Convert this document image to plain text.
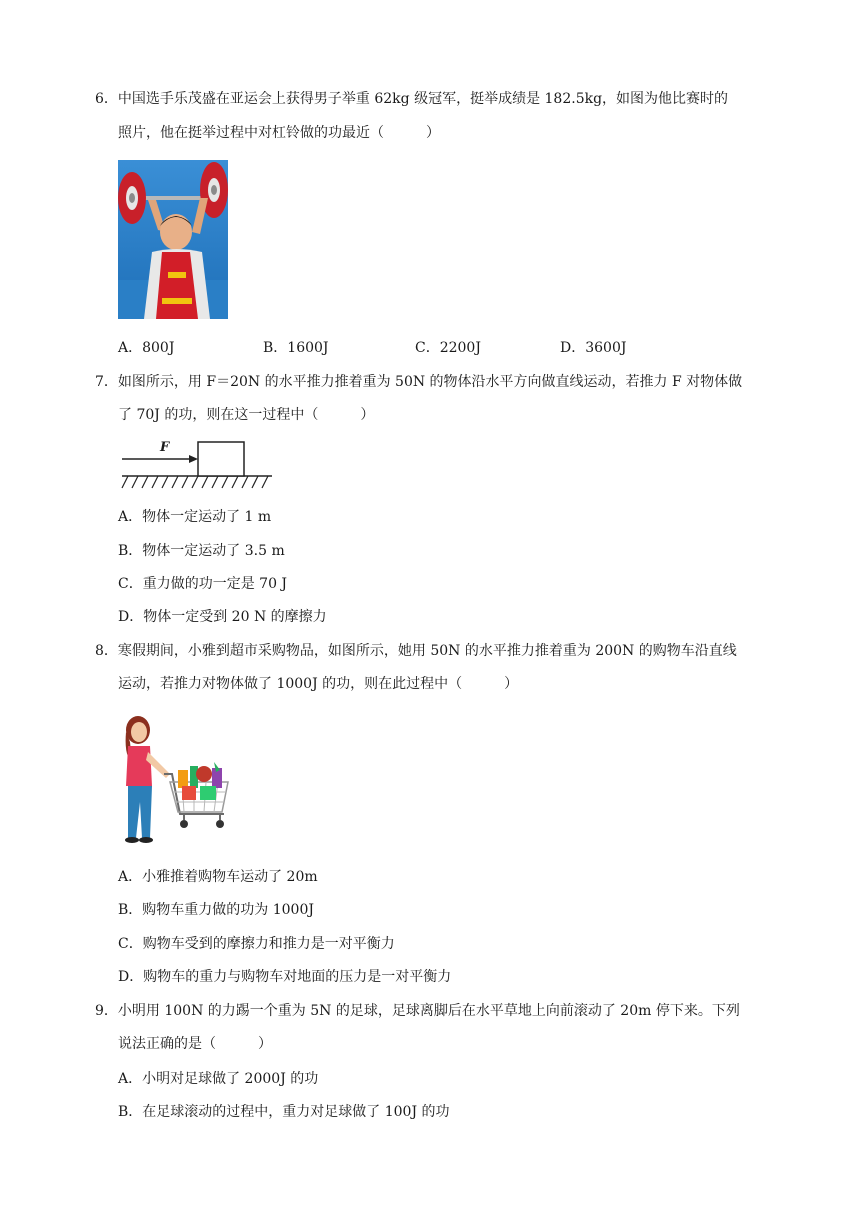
6．中国选手乐茂盛在亚运会上获得男子举重 62kg 级冠军，挺举成绩是 182.5kg，如图为他比赛时的
照片，他在挺举过程中对杠铃做的功最近（　　　）
A．800J	B．1600J	C．2200J	D．3600J
7．如图所示，用 F＝20N 的水平推力推着重为 50N 的物体沿水平方向做直线运动，若推力 F 对物体做
了 70J 的功，则在这一过程中（　　　）
F
A．物体一定运动了 1 m
B．物体一定运动了 3.5 m
C．重力做的功一定是 70 J
D．物体一定受到 20 N 的摩擦力
8．寒假期间，小雅到超市采购物品，如图所示，她用 50N 的水平推力推着重为 200N 的购物车沿直线
运动，若推力对物体做了 1000J 的功，则在此过程中（　　　）
A．小雅推着购物车运动了 20m
B．购物车重力做的功为 1000J
C．购物车受到的摩擦力和推力是一对平衡力
D．购物车的重力与购物车对地面的压力是一对平衡力
9．小明用 100N 的力踢一个重为 5N 的足球，足球离脚后在水平草地上向前滚动了 20m 停下来。下列
说法正确的是（　　　）
A．小明对足球做了 2000J 的功
B．在足球滚动的过程中，重力对足球做了 100J 的功
